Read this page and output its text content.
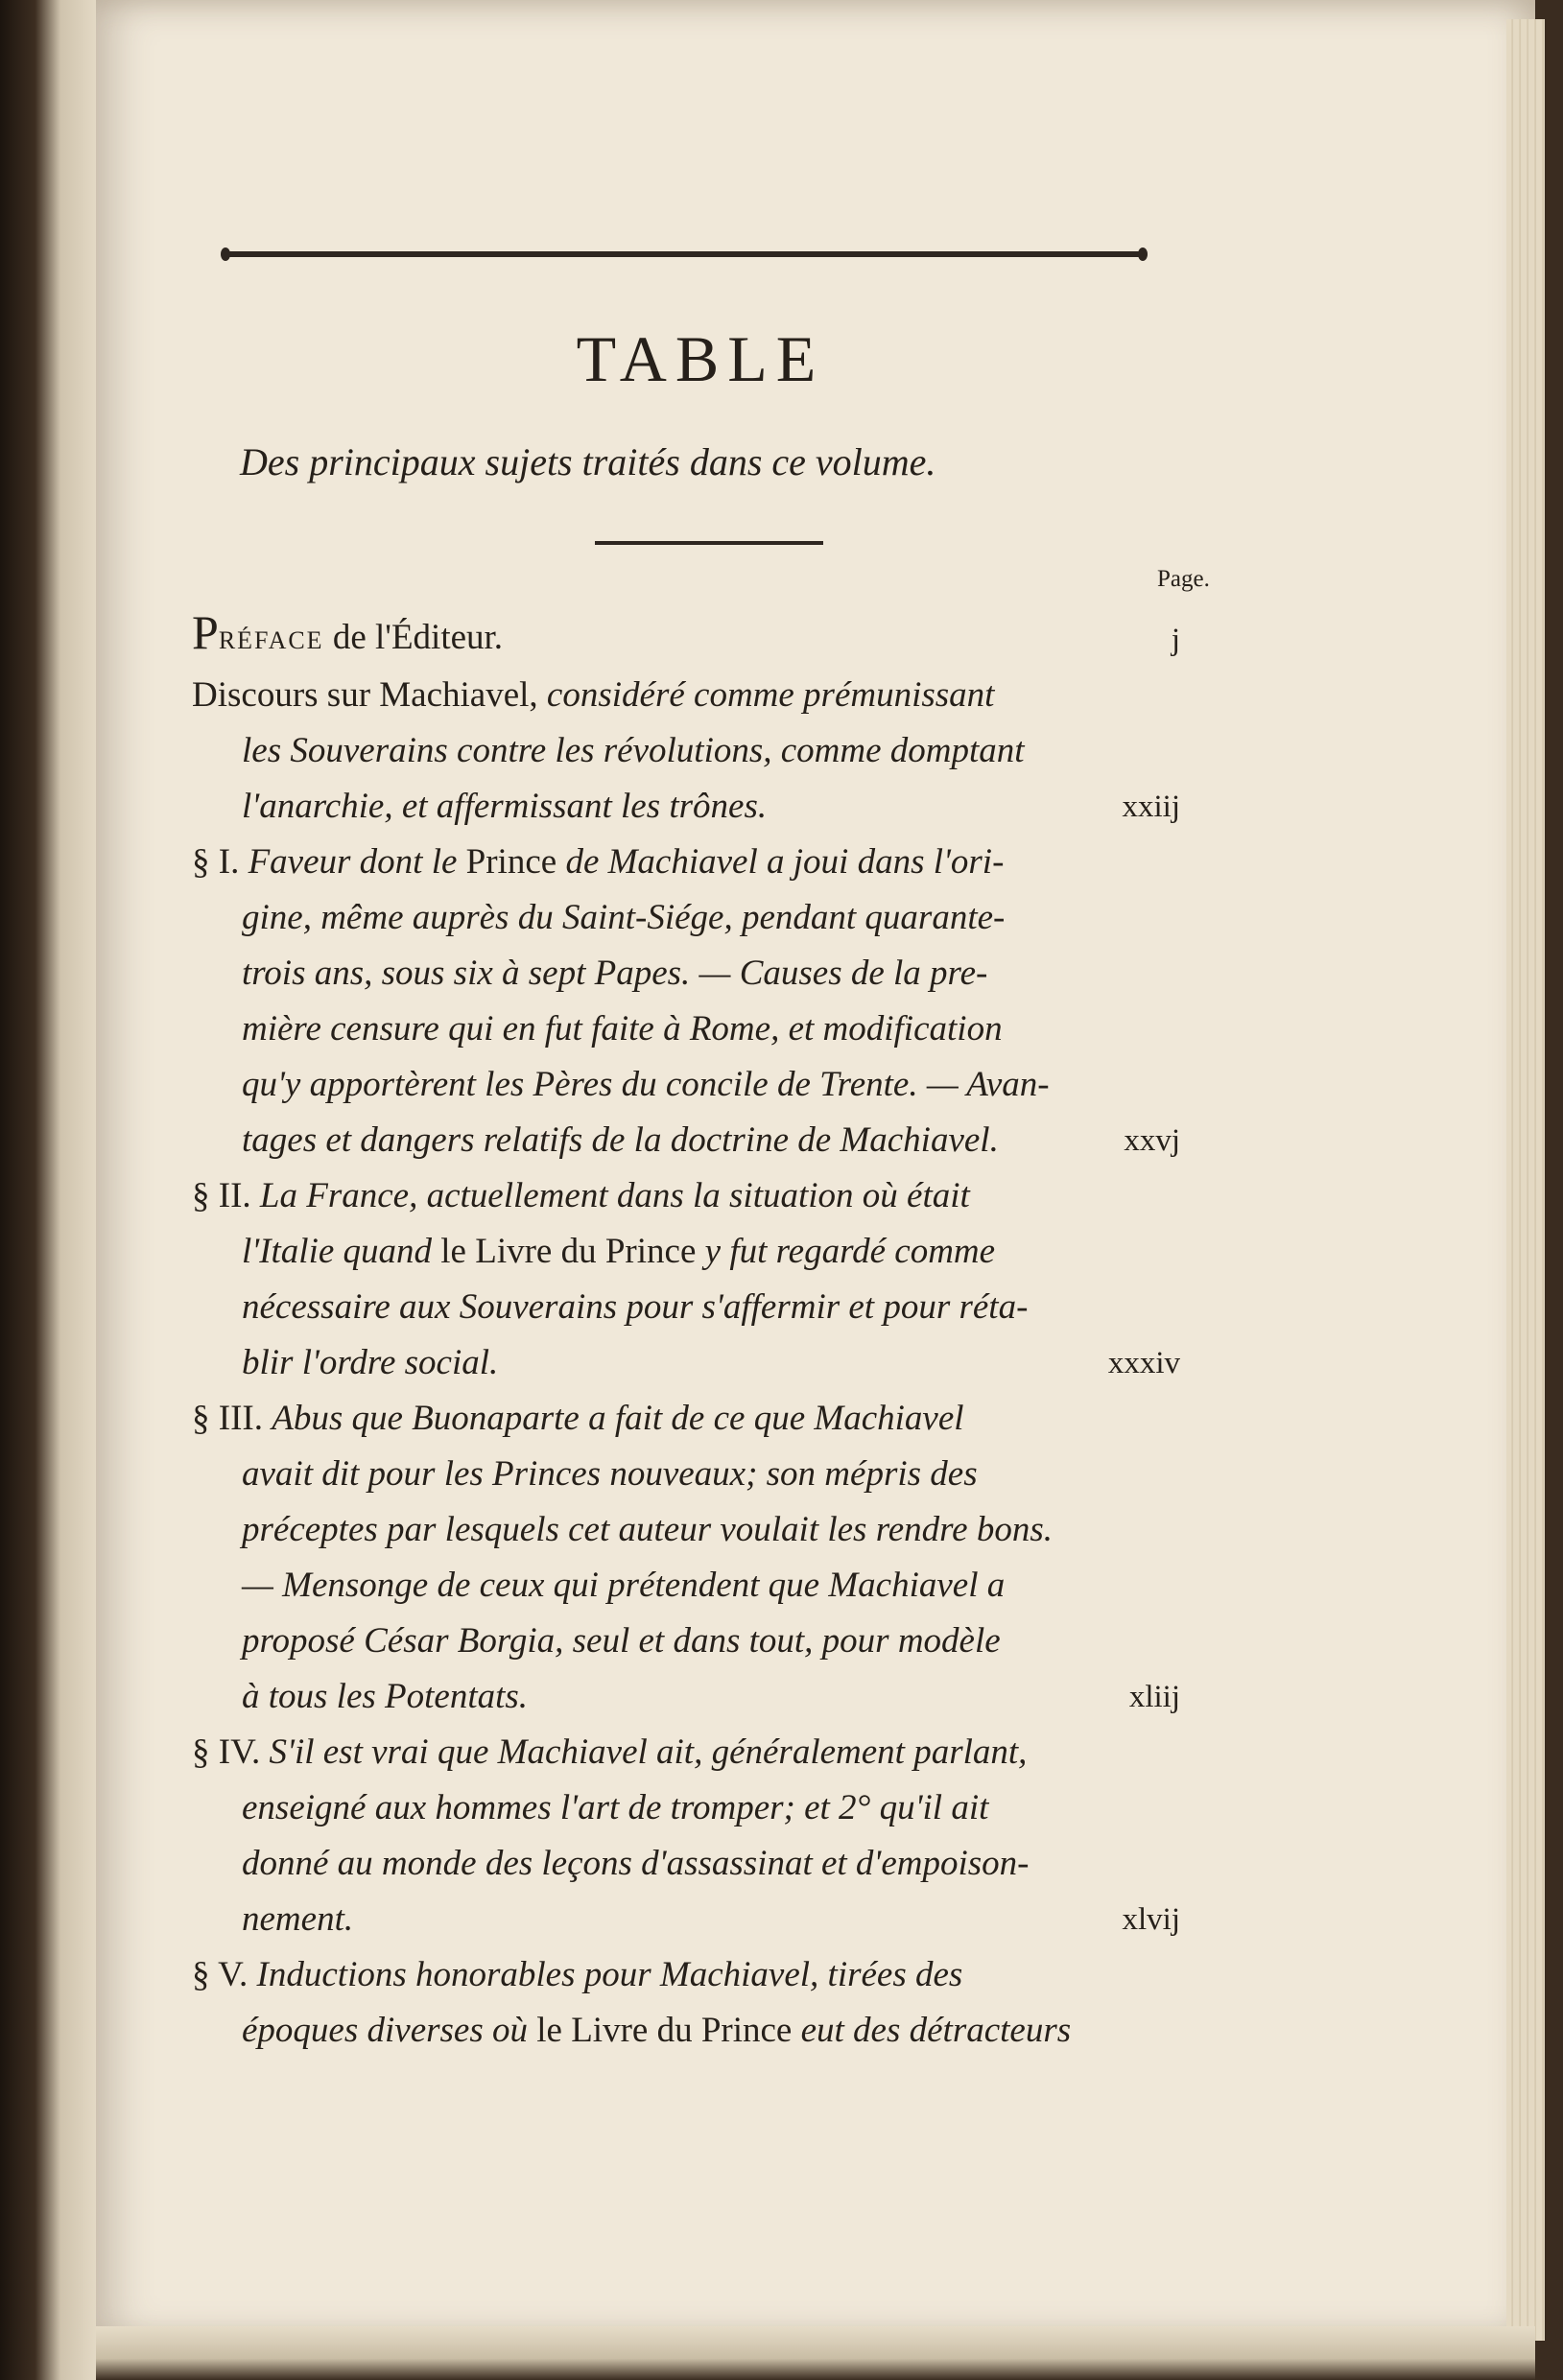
TABLE
Des principaux sujets traités dans ce volume.
Page.
Préface de l'Éditeur.	j
Discours sur Machiavel, considéré comme prémunissant
les Souverains contre les révolutions, comme domptant
l'anarchie, et affermissant les trônes.	xxiij
§ I. Faveur dont le Prince de Machiavel a joui dans l'ori-
gine, même auprès du Saint-Siége, pendant quarante-
trois ans, sous six à sept Papes. — Causes de la pre-
mière censure qui en fut faite à Rome, et modification
qu'y apportèrent les Pères du concile de Trente. — Avan-
tages et dangers relatifs de la doctrine de Machiavel.	xxvj
§ II. La France, actuellement dans la situation où était
l'Italie quand le Livre du Prince y fut regardé comme
nécessaire aux Souverains pour s'affermir et pour réta-
blir l'ordre social.	xxxiv
§ III. Abus que Buonaparte a fait de ce que Machiavel
avait dit pour les Princes nouveaux; son mépris des
préceptes par lesquels cet auteur voulait les rendre bons.
— Mensonge de ceux qui prétendent que Machiavel a
proposé César Borgia, seul et dans tout, pour modèle
à tous les Potentats.	xliij
§ IV. S'il est vrai que Machiavel ait, généralement parlant,
enseigné aux hommes l'art de tromper; et 2° qu'il ait
donné au monde des leçons d'assassinat et d'empoison-
nement.	xlvij
§ V. Inductions honorables pour Machiavel, tirées des
époques diverses où le Livre du Prince eut des détracteurs
